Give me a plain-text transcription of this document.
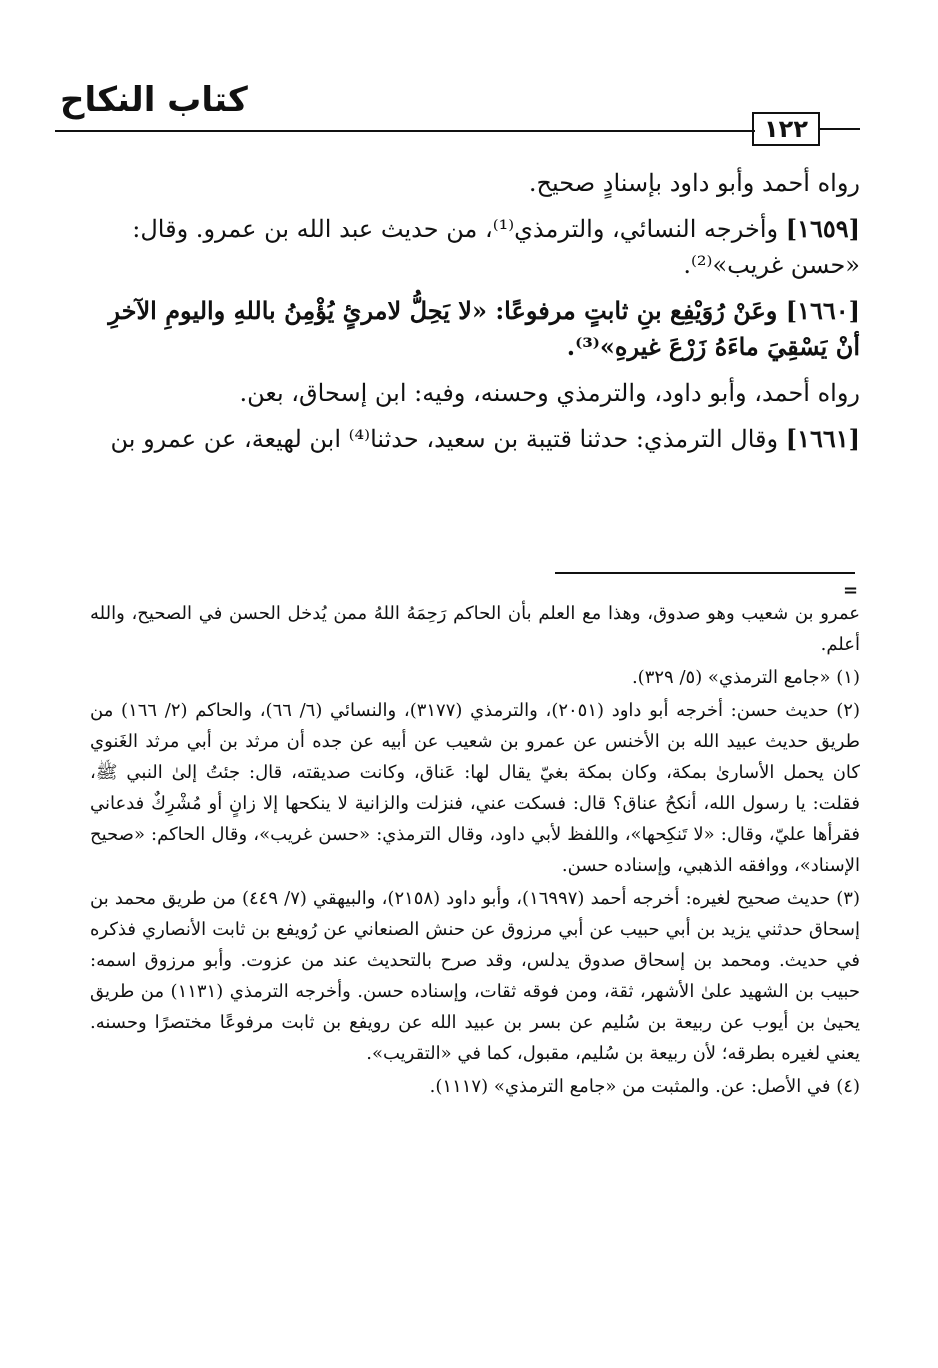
كتاب النكاح
١٢٢

رواه أحمد وأبو داود بإسنادٍ صحيح.

[١٦٥٩] وأخرجه النسائي، والترمذي⁽¹⁾، من حديث عبد الله بن عمرو. وقال: «حسن غريب»⁽²⁾.

[١٦٦٠] وعَنْ رُوَيْفِع بنِ ثابتٍ مرفوعًا: «لا يَحِلُّ لامرئٍ يُؤْمِنُ باللهِ واليومِ الآخرِ أنْ يَسْقِيَ ماءَهُ زَرْعَ غيرهِ»⁽³⁾.

رواه أحمد، وأبو داود، والترمذي وحسنه، وفيه: ابن إسحاق، بعن.

[١٦٦١] وقال الترمذي: حدثنا قتيبة بن سعيد، حدثنا⁽⁴⁾ ابن لهيعة، عن عمرو بن

=

عمرو بن شعيب وهو صدوق، وهذا مع العلم بأن الحاكم رَحِمَهُ اللهُ ممن يُدخل الحسن في الصحيح، والله أعلم.

(١) «جامع الترمذي» (٥/ ٣٢٩).

(٢) حديث حسن: أخرجه أبو داود (٢٠٥١)، والترمذي (٣١٧٧)، والنسائي (٦/ ٦٦)، والحاكم (٢/ ١٦٦) من طريق حديث عبيد الله بن الأخنس عن عمرو بن شعيب عن أبيه عن جده أن مرثد بن أبي مرثد الغَنوي كان يحمل الأسارىٰ بمكة، وكان بمكة بغيّ يقال لها: عَناق، وكانت صديقته، قال: جئتُ إلىٰ النبي ﷺ، فقلت: يا رسول الله، أنكحُ عناق؟ قال: فسكت عني، فنزلت والزانية لا ينكحها إلا زانٍ أو مُشْرِكٌ فدعاني فقرأها عليّ، وقال: «لا تَنكِحها»، واللفظ لأبي داود، وقال الترمذي: «حسن غريب»، وقال الحاكم: «صحيح الإسناد»، ووافقه الذهبي، وإسناده حسن.

(٣) حديث صحيح لغيره: أخرجه أحمد (١٦٩٩٧)، وأبو داود (٢١٥٨)، والبيهقي (٧/ ٤٤٩) من طريق محمد بن إسحاق حدثني يزيد بن أبي حبيب عن أبي مرزوق عن حنش الصنعاني عن رُويفع بن ثابت الأنصاري فذكره في حديث. ومحمد بن إسحاق صدوق يدلس، وقد صرح بالتحديث عند من عزوت. وأبو مرزوق اسمه: حبيب بن الشهيد علىٰ الأشهر، ثقة، ومن فوقه ثقات، وإسناده حسن. وأخرجه الترمذي (١١٣١) من طريق يحيىٰ بن أيوب عن ربيعة بن سُليم عن بسر بن عبيد الله عن رويفع بن ثابت مرفوعًا مختصرًا وحسنه. يعني لغيره بطرقه؛ لأن ربيعة بن سُليم، مقبول، كما في «التقريب».

(٤) في الأصل: عن. والمثبت من «جامع الترمذي» (١١١٧).
